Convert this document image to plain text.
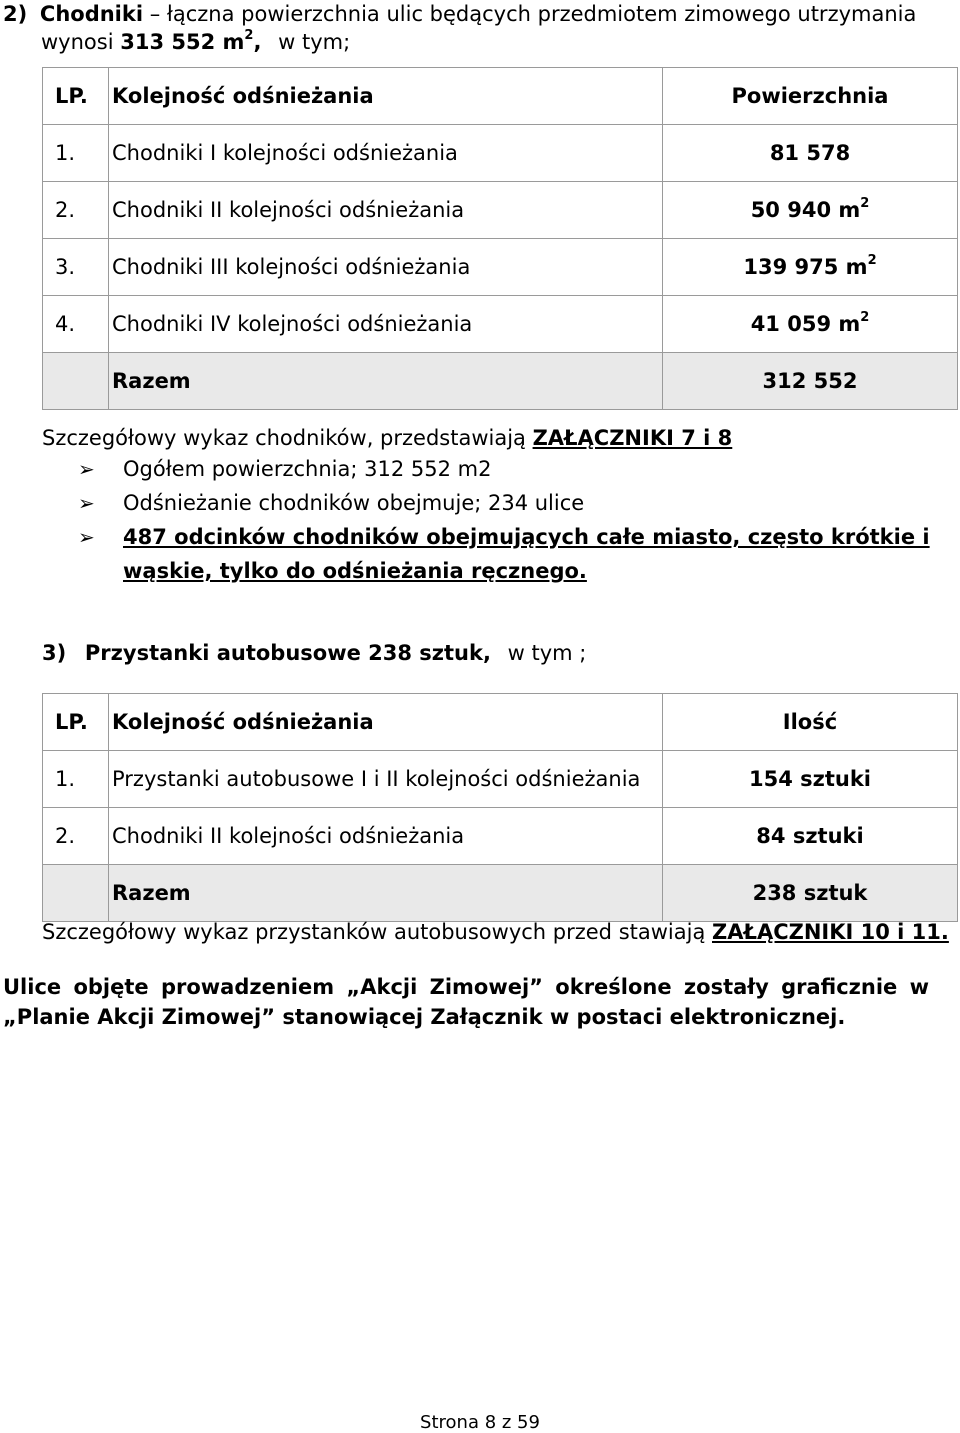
2) Chodniki – łączna powierzchnia ulic będących przedmiotem zimowego utrzymania
wynosi 313 552 $m^2$, w tym;
LP.	Kolejność odśnieżania	Powierzchnia
1.	Chodniki I kolejności odśnieżania	81 578
2.	Chodniki II kolejności odśnieżania	50 940 $m^2$
3.	Chodniki III kolejności odśnieżania	139 975 $m^2$
4.	Chodniki IV kolejności odśnieżania	41 059 $m^2$
	Razem	312 552
Szczegółowy wykaz chodników, przedstawiają ZAŁĄCZNIKI 7 i 8
➢ Ogółem powierzchnia; 312 552 m2
➢ Odśnieżanie chodników obejmuje; 234 ulice
➢ 487 odcinków chodników obejmujących całe miasto, często krótkie i
wąskie, tylko do odśnieżania ręcznego.
3) Przystanki autobusowe 238 sztuk, w tym ;
LP.	Kolejność odśnieżania	Ilość
1.	Przystanki autobusowe I i II kolejności odśnieżania	154 sztuki
2.	Chodniki II kolejności odśnieżania	84 sztuki
	Razem	238 sztuk
Szczegółowy wykaz przystanków autobusowych przed stawiają ZAŁĄCZNIKI 10 i 11.
Ulice objęte prowadzeniem „Akcji Zimowej” określone zostały graficznie w
„Planie Akcji Zimowej” stanowiącej Załącznik w postaci elektronicznej.
Strona 8 z 59
